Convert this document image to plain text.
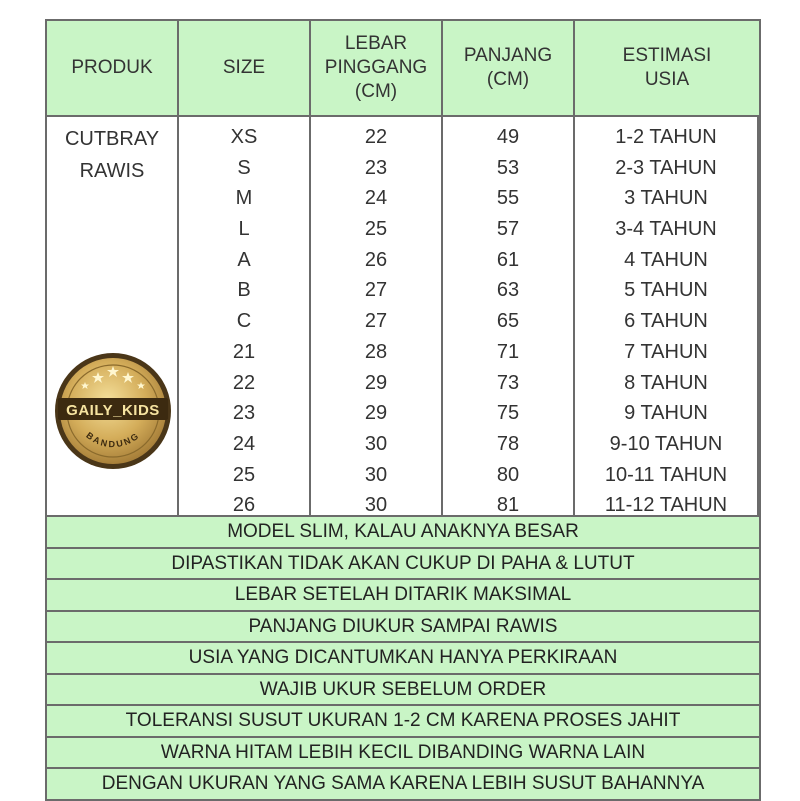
PRODUK	SIZE
LEBAR
PINGGANG
(CM)
PANJANG
(CM)
ESTIMASI
USIA
CUTBRAY
RAWIS
XS
S
M
L
A
B
C
21
22
23
24
25
26
22
23
24
25
26
27
27
28
29
29
30
30
30
49
53
55
57
61
63
65
71
73
75
78
80
81
1-2 TAHUN
2-3 TAHUN
3 TAHUN
3-4 TAHUN
4 TAHUN
5 TAHUN
6 TAHUN
7 TAHUN
8 TAHUN
9 TAHUN
9-10 TAHUN
10-11 TAHUN
11-12 TAHUN
GAILY_KIDS
BANDUNG
MODEL SLIM, KALAU ANAKNYA BESAR
DIPASTIKAN TIDAK AKAN CUKUP DI PAHA & LUTUT
LEBAR SETELAH DITARIK MAKSIMAL
PANJANG DIUKUR SAMPAI RAWIS
USIA YANG DICANTUMKAN HANYA PERKIRAAN
WAJIB UKUR SEBELUM ORDER
TOLERANSI SUSUT UKURAN 1-2 CM KARENA PROSES JAHIT
WARNA HITAM LEBIH KECIL DIBANDING WARNA LAIN
DENGAN UKURAN YANG SAMA KARENA LEBIH SUSUT BAHANNYA
